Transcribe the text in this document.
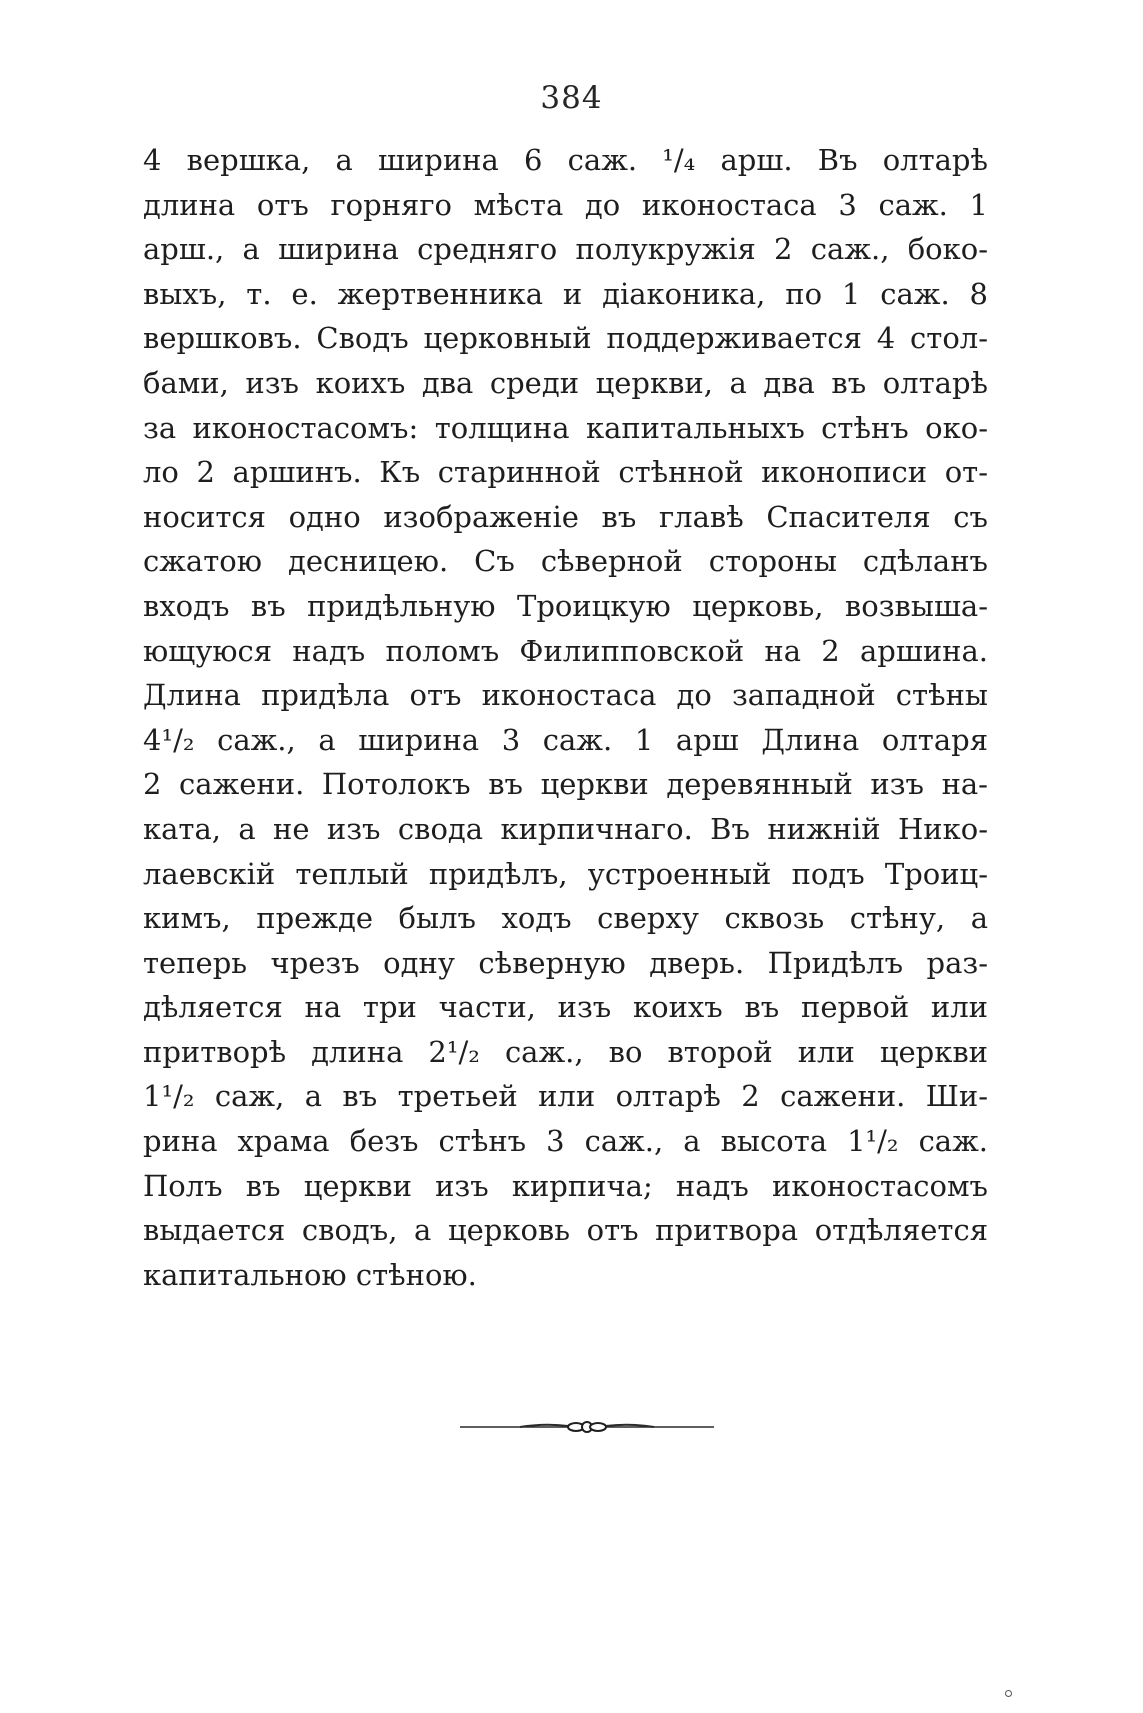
384
4 вершка, а ширина 6 саж. ¹/₄ арш. Въ олтарѣ
длина отъ горняго мѣста до иконостаса 3 саж. 1
арш., а ширина средняго полукружія 2 саж., боко-
выхъ, т. е. жертвенника и діаконика, по 1 саж. 8
вершковъ. Сводъ церковный поддерживается 4 стол-
бами, изъ коихъ два среди церкви, а два въ олтарѣ
за иконостасомъ: толщина капитальныхъ стѣнъ око-
ло 2 аршинъ. Къ старинной стѣнной иконописи от-
носится одно изображеніе въ главѣ Спасителя съ
сжатою десницею. Съ сѣверной стороны сдѣланъ
входъ въ придѣльную Троицкую церковь, возвыша-
ющуюся надъ поломъ Филипповской на 2 аршина.
Длина придѣла отъ иконостаса до западной стѣны
4¹/₂ саж., а ширина 3 саж. 1 арш Длина олтаря
2 сажени. Потолокъ въ церкви деревянный изъ на-
ката, а не изъ свода кирпичнаго. Въ нижній Нико-
лаевскій теплый придѣлъ, устроенный подъ Троиц-
кимъ, прежде былъ ходъ сверху сквозь стѣну, а
теперь чрезъ одну сѣверную дверь. Придѣлъ раз-
дѣляется на три части, изъ коихъ въ первой или
притворѣ длина 2¹/₂ саж., во второй или церкви
1¹/₂ саж, а въ третьей или олтарѣ 2 сажени. Ши-
рина храма безъ стѣнъ 3 саж., а высота 1¹/₂ саж.
Полъ въ церкви изъ кирпича; надъ иконостасомъ
выдается сводъ, а церковь отъ притвора отдѣляется
капитальною стѣною.
